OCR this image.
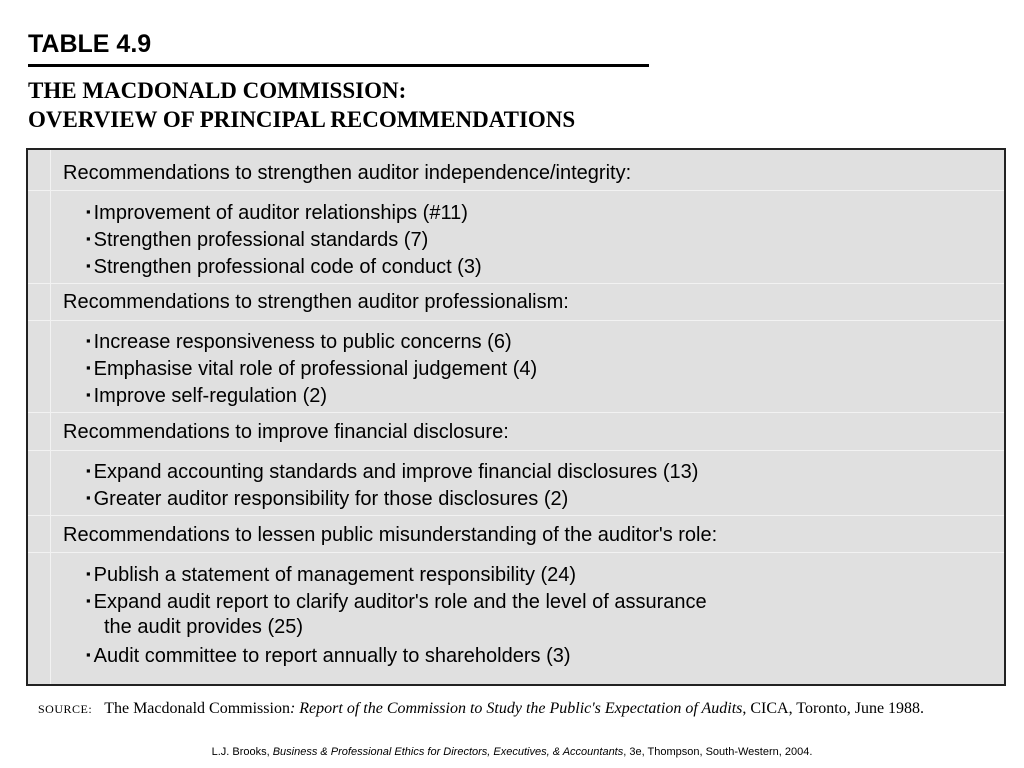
TABLE 4.9
THE MACDONALD COMMISSION:
OVERVIEW OF PRINCIPAL RECOMMENDATIONS
Recommendations to strengthen auditor independence/integrity:
▪ Improvement of auditor relationships (#11)
▪ Strengthen professional standards (7)
▪ Strengthen professional code of conduct (3)
Recommendations to strengthen auditor professionalism:
▪ Increase responsiveness to public concerns (6)
▪ Emphasise vital role of professional judgement (4)
▪ Improve self-regulation (2)
Recommendations to improve financial disclosure:
▪ Expand accounting standards and improve financial disclosures (13)
▪ Greater auditor responsibility for those disclosures (2)
Recommendations to lessen public misunderstanding of the auditor's role:
▪ Publish a statement of management responsibility (24)
▪ Expand audit report to clarify auditor's role and the level of assurance
the audit provides (25)
▪ Audit committee to report annually to shareholders (3)
SOURCE: The Macdonald Commission: Report of the Commission to Study the Public's Expectation of Audits, CICA, Toronto, June 1988.
L.J. Brooks, Business & Professional Ethics for Directors, Executives, & Accountants, 3e, Thompson, South-Western, 2004.
